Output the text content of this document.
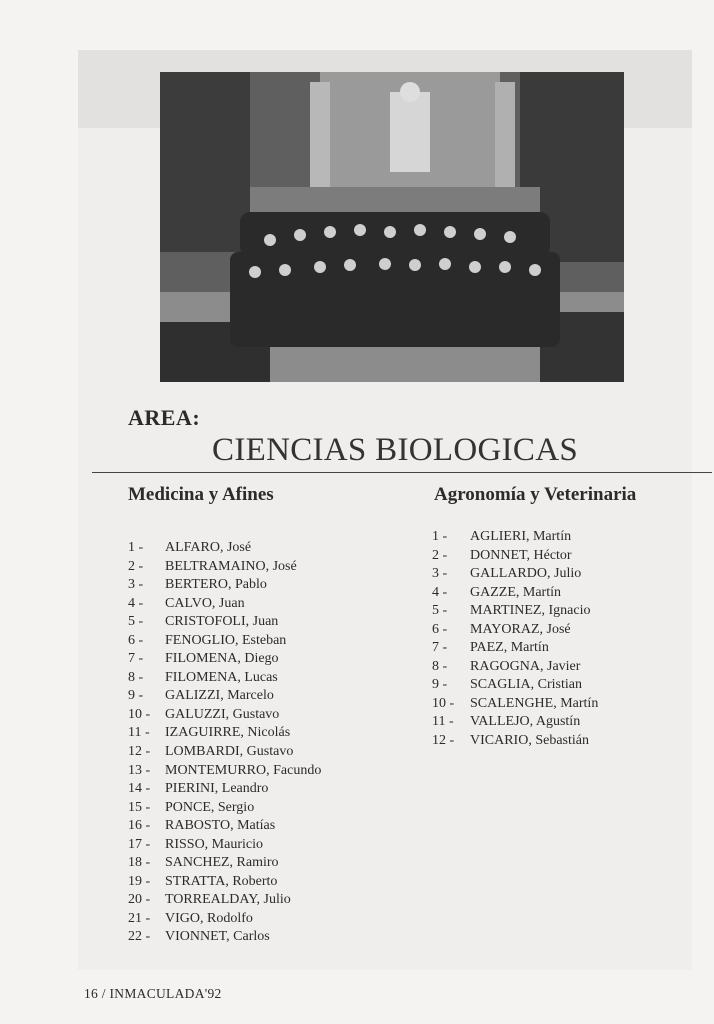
AREA:
CIENCIAS BIOLOGICAS
Medicina y Afines	Agronomía y Veterinaria
1 -	ALFARO, José
2 -	BELTRAMAINO, José
3 -	BERTERO, Pablo
4 -	CALVO, Juan
5 -	CRISTOFOLI, Juan
6 -	FENOGLIO, Esteban
7 -	FILOMENA, Diego
8 -	FILOMENA, Lucas
9 -	GALIZZI, Marcelo
10 -	GALUZZI, Gustavo
11 -	IZAGUIRRE, Nicolás
12 -	LOMBARDI, Gustavo
13 -	MONTEMURRO, Facundo
14 -	PIERINI, Leandro
15 -	PONCE, Sergio
16 -	RABOSTO, Matías
17 -	RISSO, Mauricio
18 -	SANCHEZ, Ramiro
19 -	STRATTA, Roberto
20 -	TORREALDAY, Julio
21 -	VIGO, Rodolfo
22 -	VIONNET, Carlos
1 -	AGLIERI, Martín
2 -	DONNET, Héctor
3 -	GALLARDO, Julio
4 -	GAZZE, Martín
5 -	MARTINEZ, Ignacio
6 -	MAYORAZ, José
7 -	PAEZ, Martín
8 -	RAGOGNA, Javier
9 -	SCAGLIA, Cristian
10 -	SCALENGHE, Martín
11 -	VALLEJO, Agustín
12 -	VICARIO, Sebastián
16 / INMACULADA'92
